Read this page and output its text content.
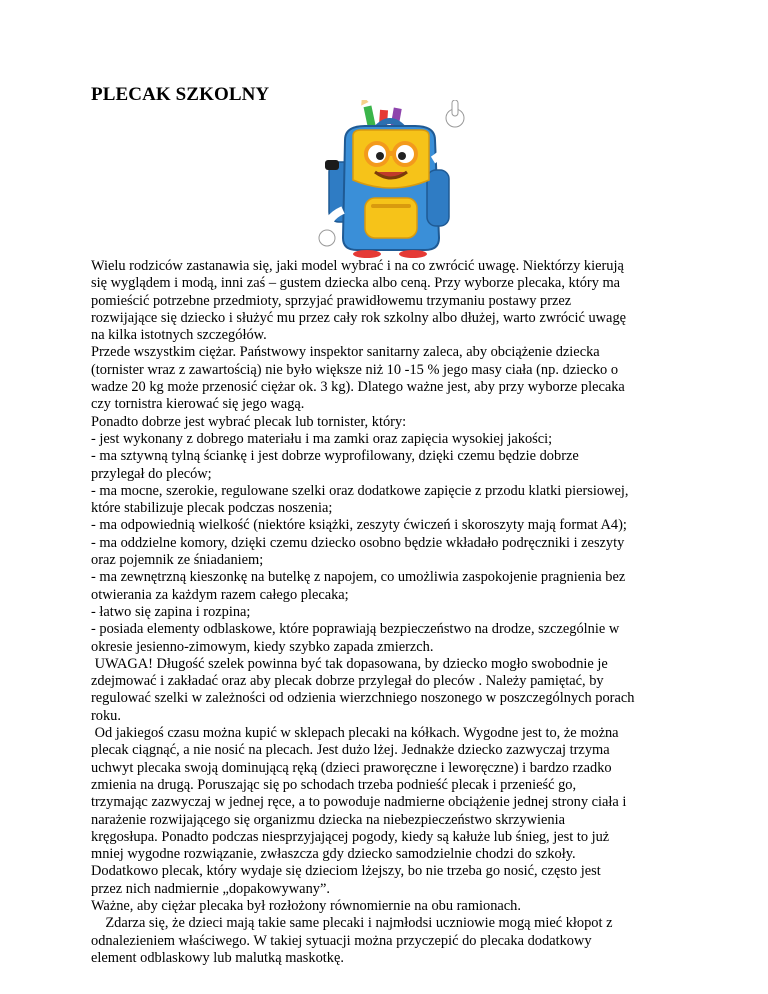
PLECAK SZKOLNY

Wielu rodziców zastanawia się, jaki model wybrać i na co zwrócić uwagę. Niektórzy kierują

się wyglądem i modą, inni zaś – gustem dziecka albo ceną. Przy wyborze plecaka, który ma

pomieścić potrzebne przedmioty, sprzyjać prawidłowemu trzymaniu postawy przez

rozwijające się dziecko i służyć mu przez cały rok szkolny albo dłużej, warto zwrócić uwagę

na kilka istotnych szczegółów.

Przede wszystkim ciężar. Państwowy inspektor sanitarny zaleca, aby obciążenie dziecka

(tornister wraz z zawartością) nie było większe niż 10 -15 % jego masy ciała (np. dziecko o

wadze 20 kg może przenosić ciężar ok. 3 kg). Dlatego ważne jest, aby przy wyborze plecaka

czy tornistra kierować się jego wagą.

Ponadto dobrze jest wybrać plecak lub tornister, który:

- jest wykonany z dobrego materiału i ma zamki oraz zapięcia wysokiej jakości;

- ma sztywną tylną ściankę i jest dobrze wyprofilowany, dzięki czemu będzie dobrze

przylegał do pleców;

- ma mocne, szerokie, regulowane szelki oraz dodatkowe zapięcie z przodu klatki piersiowej,

które stabilizuje plecak podczas noszenia;

- ma odpowiednią wielkość (niektóre książki, zeszyty ćwiczeń i skoroszyty mają format A4);

- ma oddzielne komory, dzięki czemu dziecko osobno będzie wkładało podręczniki i zeszyty

oraz pojemnik ze śniadaniem;

- ma zewnętrzną kieszonkę na butelkę z napojem, co umożliwia zaspokojenie pragnienia bez

otwierania za każdym razem całego plecaka;

- łatwo się zapina i rozpina;

- posiada elementy odblaskowe, które poprawiają bezpieczeństwo na drodze, szczególnie w

okresie jesienno-zimowym, kiedy szybko zapada zmierzch.

UWAGA! Długość szelek powinna być tak dopasowana, by dziecko mogło swobodnie je

zdejmować i zakładać oraz aby plecak dobrze przylegał do pleców . Należy pamiętać, by

regulować szelki w zależności od odzienia wierzchniego noszonego w poszczególnych porach

roku.

Od jakiegoś czasu można kupić w sklepach plecaki na kółkach. Wygodne jest to, że można

plecak ciągnąć, a nie nosić na plecach. Jest dużo lżej. Jednakże dziecko zazwyczaj trzyma

uchwyt plecaka swoją dominującą ręką (dzieci praworęczne i leworęczne) i bardzo rzadko

zmienia na drugą. Poruszając się po schodach trzeba podnieść plecak i przenieść go,

trzymając zazwyczaj w jednej ręce, a to powoduje nadmierne obciążenie jednej strony ciała i

narażenie rozwijającego się organizmu dziecka na niebezpieczeństwo skrzywienia

kręgosłupa. Ponadto podczas niesprzyjającej pogody, kiedy są kałuże lub śnieg, jest to już

mniej wygodne rozwiązanie, zwłaszcza gdy dziecko samodzielnie chodzi do szkoły.

Dodatkowo plecak, który wydaje się dzieciom lżejszy, bo nie trzeba go nosić, często jest

przez nich nadmiernie „dopakowywany”.

Ważne, aby ciężar plecaka był rozłożony równomiernie na obu ramionach.

Zdarza się, że dzieci mają takie same plecaki i najmłodsi uczniowie mogą mieć kłopot z

odnalezieniem właściwego. W takiej sytuacji można przyczepić do plecaka dodatkowy

element odblaskowy lub malutką maskotkę.
